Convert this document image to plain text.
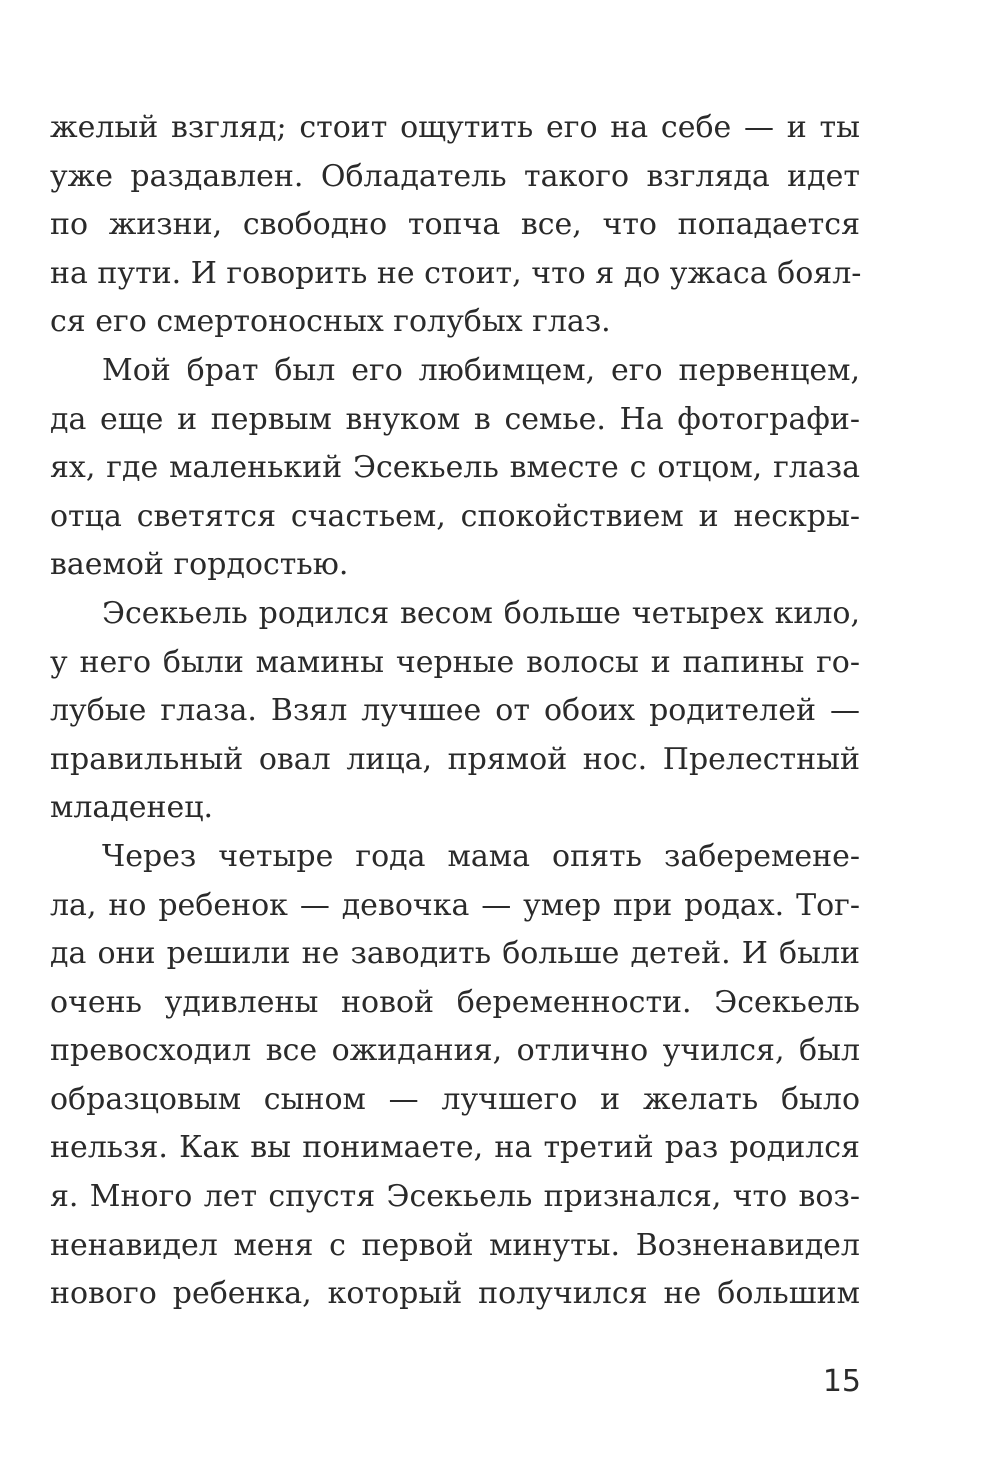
желый взгляд; стоит ощутить его на себе — и ты
уже раздавлен. Обладатель такого взгляда идет
по жизни, свободно топча все, что попадается
на пути. И говорить не стоит, что я до ужаса боял-
ся его смертоносных голубых глаз.
Мой брат был его любимцем, его первенцем,
да еще и первым внуком в семье. На фотографи-
ях, где маленький Эсекьель вместе с отцом, глаза
отца светятся счастьем, спокойствием и нескры-
ваемой гордостью.
Эсекьель родился весом больше четырех кило,
у него были мамины черные волосы и папины го-
лубые глаза. Взял лучшее от обоих родителей —
правильный овал лица, прямой нос. Прелестный
младенец.
Через четыре года мама опять забеременe-
ла, но ребенок — девочка — умер при родах. Тог-
да они решили не заводить больше детей. И были
очень удивлены новой беременности. Эсекьель
превосходил все ожидания, отлично учился, был
образцовым сыном — лучшего и желать было
нельзя. Как вы понимаете, на третий раз родился
я. Много лет спустя Эсекьель признался, что воз-
ненавидел меня с первой минуты. Возненавидел
нового ребенка, который получился не большим
15
